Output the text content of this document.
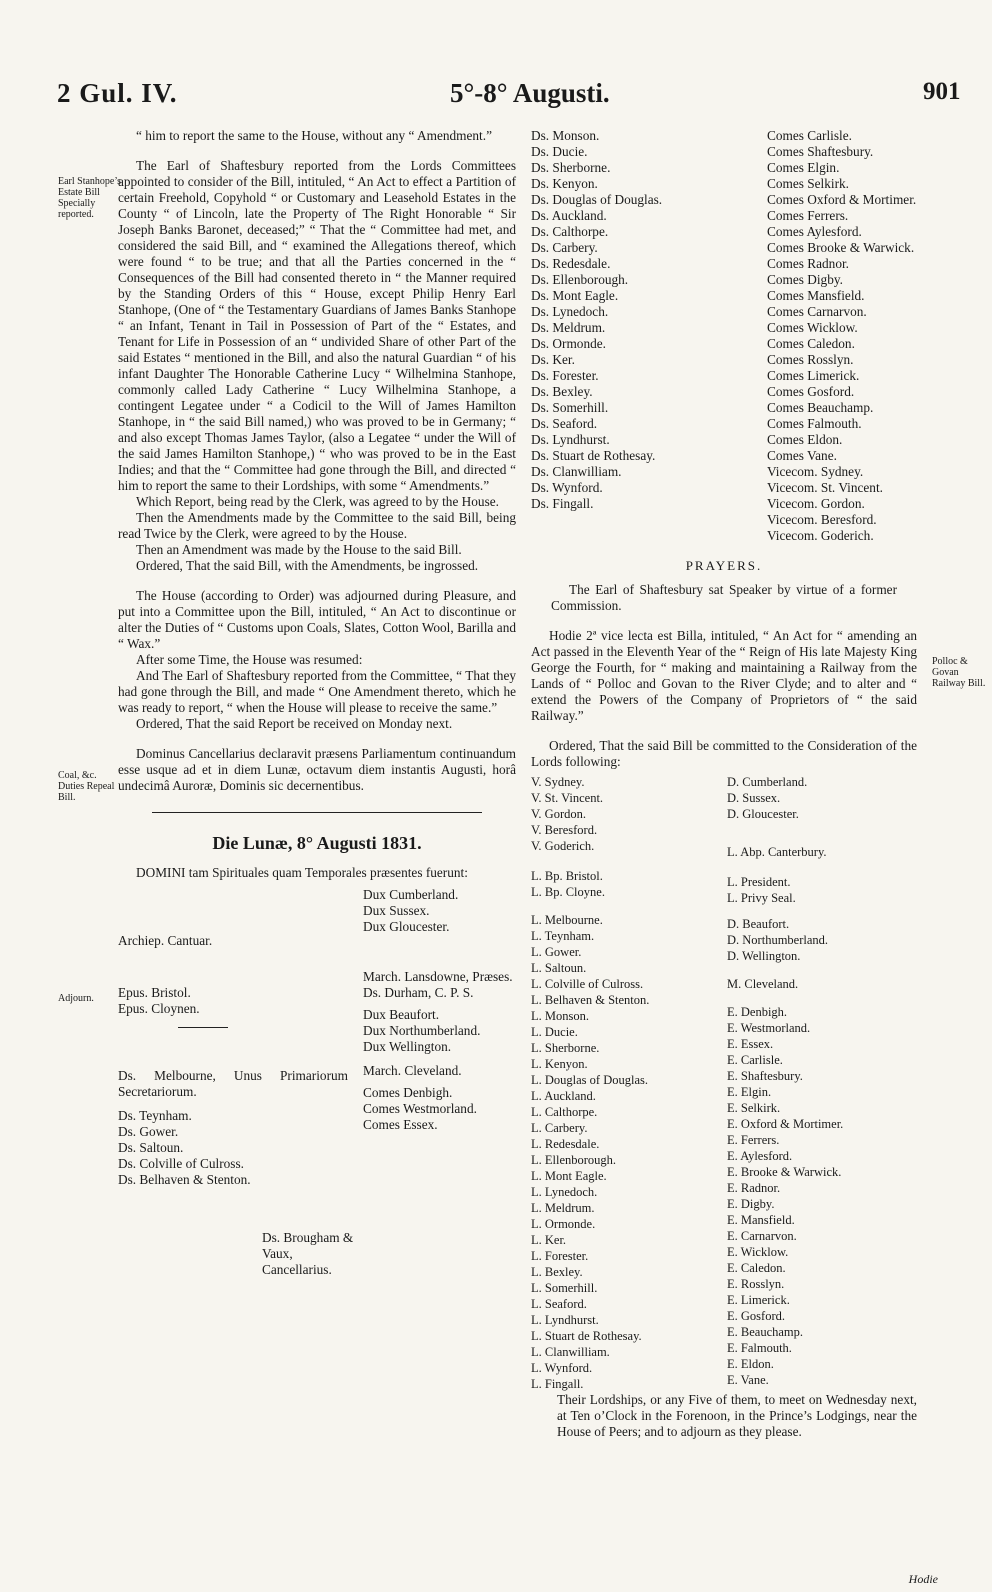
2 Gul. IV.	5°-8° Augusti.	901
Earl Stanhope’s Estate Bill Specially reported.
Coal, &c. Duties Repeal Bill.
Adjourn.
Polloc & Govan Railway Bill.

“ him to report the same to the House, without any “ Amendment.”

The Earl of Shaftesbury reported from the Lords Committees appointed to consider of the Bill, intituled, “ An Act to effect a Partition of certain Freehold, Copyhold “ or Customary and Leasehold Estates in the County “ of Lincoln, late the Property of The Right Honorable “ Sir Joseph Banks Baronet, deceased;” “ That the “ Committee had met, and considered the said Bill, and “ examined the Allegations thereof, which were found “ to be true; and that all the Parties concerned in the “ Consequences of the Bill had consented thereto in “ the Manner required by the Standing Orders of this “ House, except Philip Henry Earl Stanhope, (One of “ the Testamentary Guardians of James Banks Stanhope “ an Infant, Tenant in Tail in Possession of Part of the “ Estates, and Tenant for Life in Possession of an “ undivided Share of other Part of the said Estates “ mentioned in the Bill, and also the natural Guardian “ of his infant Daughter The Honorable Catherine Lucy “ Wilhelmina Stanhope, commonly called Lady Catherine “ Lucy Wilhelmina Stanhope, a contingent Legatee under “ a Codicil to the Will of James Hamilton Stanhope, in “ the said Bill named,) who was proved to be in Germany; “ and also except Thomas James Taylor, (also a Legatee “ under the Will of the said James Hamilton Stanhope,) “ who was proved to be in the East Indies; and that the “ Committee had gone through the Bill, and directed “ him to report the same to their Lordships, with some “ Amendments.”

Which Report, being read by the Clerk, was agreed to by the House.

Then the Amendments made by the Committee to the said Bill, being read Twice by the Clerk, were agreed to by the House.

Then an Amendment was made by the House to the said Bill.

Ordered, That the said Bill, with the Amendments, be ingrossed.

The House (according to Order) was adjourned during Pleasure, and put into a Committee upon the Bill, intituled, “ An Act to discontinue or alter the Duties of “ Customs upon Coals, Slates, Cotton Wool, Barilla and “ Wax.”

After some Time, the House was resumed:

And The Earl of Shaftesbury reported from the Committee, “ That they had gone through the Bill, and made “ One Amendment thereto, which he was ready to report, “ when the House will please to receive the same.”

Ordered, That the said Report be received on Monday next.

Dominus Cancellarius declaravit præsens Parliamentum continuandum esse usque ad et in diem Lunæ, octavum diem instantis Augusti, horâ undecimâ Auroræ, Dominis sic decernentibus.

Die Lunæ, 8° Augusti 1831.

DOMINI tam Spirituales quam Temporales præsentes fuerunt:

Archiep. Cantuar.
Epus. Bristol.
Epus. Cloynen.
Ds. Melbourne, Unus Primariorum Secretariorum.
Ds. Teynham.
Ds. Gower.
Ds. Saltoun.
Ds. Colville of Culross.
Ds. Belhaven & Stenton.
Dux Cumberland.
Dux Sussex.
Dux Gloucester.
March. Lansdowne, Præses.
Ds. Durham, C. P. S.
Dux Beaufort.
Dux Northumberland.
Dux Wellington.
March. Cleveland.
Comes Denbigh.
Comes Westmorland.
Comes Essex.
Ds. Monson.
Ds. Ducie.
Ds. Sherborne.
Ds. Kenyon.
Ds. Douglas of Douglas.
Ds. Auckland.
Ds. Calthorpe.
Ds. Carbery.
Ds. Redesdale.
Ds. Ellenborough.
Ds. Mont Eagle.
Ds. Lynedoch.
Ds. Meldrum.
Ds. Ormonde.
Ds. Ker.
Ds. Forester.
Ds. Bexley.
Ds. Somerhill.
Ds. Seaford.
Ds. Lyndhurst.
Ds. Stuart de Rothesay.
Ds. Clanwilliam.
Ds. Wynford.
Ds. Fingall.
Comes Carlisle.
Comes Shaftesbury.
Comes Elgin.
Comes Selkirk.
Comes Oxford & Mortimer.
Comes Ferrers.
Comes Aylesford.
Comes Brooke & Warwick.
Comes Radnor.
Comes Digby.
Comes Mansfield.
Comes Carnarvon.
Comes Wicklow.
Comes Caledon.
Comes Rosslyn.
Comes Limerick.
Comes Gosford.
Comes Beauchamp.
Comes Falmouth.
Comes Eldon.
Comes Vane.
Vicecom. Sydney.
Vicecom. St. Vincent.
Vicecom. Gordon.
Vicecom. Beresford.
Vicecom. Goderich.
PRAYERS.

The Earl of Shaftesbury sat Speaker by virtue of a former Commission.

Hodie 2ª vice lecta est Billa, intituled, “ An Act for “ amending an Act passed in the Eleventh Year of the “ Reign of His late Majesty King George the Fourth, for “ making and maintaining a Railway from the Lands of “ Polloc and Govan to the River Clyde; and to alter and “ extend the Powers of the Company of Proprietors of “ the said Railway.”

Ordered, That the said Bill be committed to the Consideration of the Lords following:

V. Sydney.
V. St. Vincent.
V. Gordon.
V. Beresford.
V. Goderich.
L. Bp. Bristol.
L. Bp. Cloyne.
L. Melbourne.
L. Teynham.
L. Gower.
L. Saltoun.
L. Colville of Culross.
L. Belhaven & Stenton.
L. Monson.
L. Ducie.
L. Sherborne.
L. Kenyon.
L. Douglas of Douglas.
L. Auckland.
L. Calthorpe.
L. Carbery.
L. Redesdale.
L. Ellenborough.
L. Mont Eagle.
L. Lynedoch.
L. Meldrum.
L. Ormonde.
L. Ker.
L. Forester.
L. Bexley.
L. Somerhill.
L. Seaford.
L. Lyndhurst.
L. Stuart de Rothesay.
L. Clanwilliam.
L. Wynford.
L. Fingall.
D. Cumberland.
D. Sussex.
D. Gloucester.
L. Abp. Canterbury.
L. President.
L. Privy Seal.
D. Beaufort.
D. Northumberland.
D. Wellington.
M. Cleveland.
E. Denbigh.
E. Westmorland.
E. Essex.
E. Carlisle.
E. Shaftesbury.
E. Elgin.
E. Selkirk.
E. Oxford & Mortimer.
E. Ferrers.
E. Aylesford.
E. Brooke & Warwick.
E. Radnor.
E. Digby.
E. Mansfield.
E. Carnarvon.
E. Wicklow.
E. Caledon.
E. Rosslyn.
E. Limerick.
E. Gosford.
E. Beauchamp.
E. Falmouth.
E. Eldon.
E. Vane.

Their Lordships, or any Five of them, to meet on Wednesday next, at Ten o’Clock in the Forenoon, in the Prince’s Lodgings, near the House of Peers; and to adjourn as they please.

Hodie
Ds. Brougham & Vaux, Cancellarius.
